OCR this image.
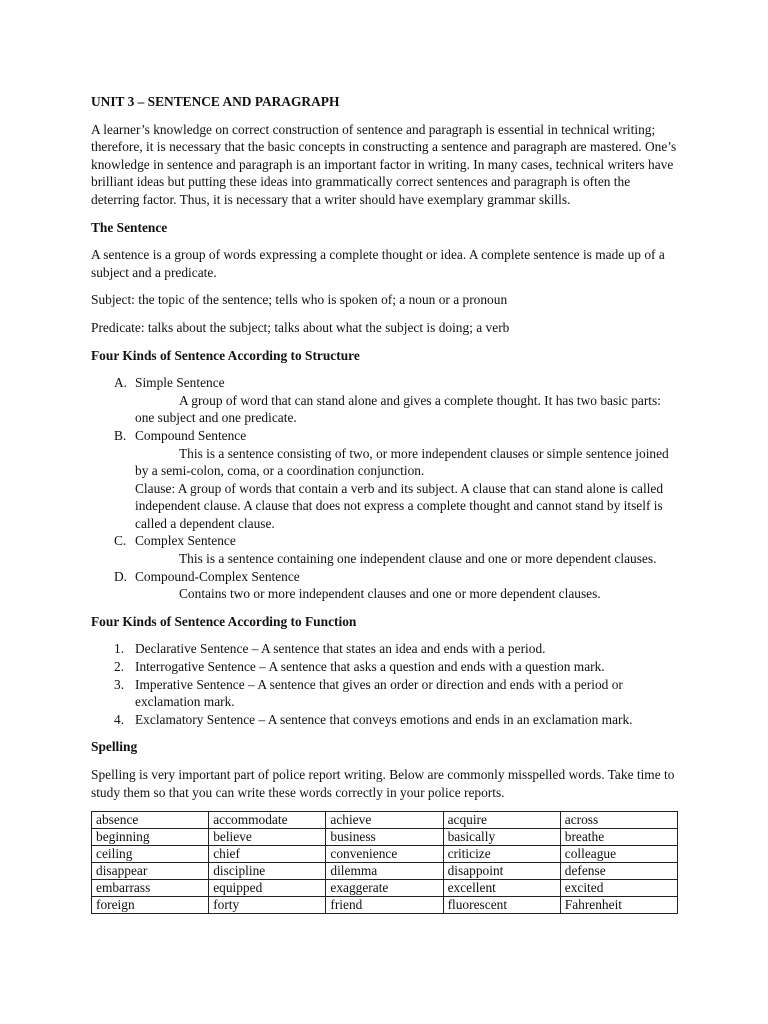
UNIT 3 – SENTENCE AND PARAGRAPH

A learner’s knowledge on correct construction of sentence and paragraph is essential in technical writing; therefore, it is necessary that the basic concepts in constructing a sentence and paragraph are mastered. One’s knowledge in sentence and paragraph is an important factor in writing. In many cases, technical writers have brilliant ideas but putting these ideas into grammatically correct sentences and paragraph is often the deterring factor. Thus, it is necessary that a writer should have exemplary grammar skills.

The Sentence

A sentence is a group of words expressing a complete thought or idea. A complete sentence is made up of a subject and a predicate.

Subject: the topic of the sentence; tells who is spoken of; a noun or a pronoun

Predicate: talks about the subject; talks about what the subject is doing; a verb

Four Kinds of Sentence According to Structure
A. Simple Sentence
A group of word that can stand alone and gives a complete thought. It has two basic parts: one subject and one predicate.
B. Compound Sentence
This is a sentence consisting of two, or more independent clauses or simple sentence joined by a semi-colon, coma, or a coordination conjunction.
Clause: A group of words that contain a verb and its subject. A clause that can stand alone is called independent clause. A clause that does not express a complete thought and cannot stand by itself is called a dependent clause.
C. Complex Sentence
This is a sentence containing one independent clause and one or more dependent clauses.
D. Compound-Complex Sentence
Contains two or more independent clauses and one or more dependent clauses.
Four Kinds of Sentence According to Function
1. Declarative Sentence – A sentence that states an idea and ends with a period.
2. Interrogative Sentence – A sentence that asks a question and ends with a question mark.
3. Imperative Sentence – A sentence that gives an order or direction and ends with a period or exclamation mark.
4. Exclamatory Sentence – A sentence that conveys emotions and ends in an exclamation mark.
Spelling

Spelling is very important part of police report writing. Below are commonly misspelled words. Take time to study them so that you can write these words correctly in your police reports.

absence	accommodate	achieve	acquire	across
beginning	believe	business	basically	breathe
ceiling	chief	convenience	criticize	colleague
disappear	discipline	dilemma	disappoint	defense
embarrass	equipped	exaggerate	excellent	excited
foreign	forty	friend	fluorescent	Fahrenheit
